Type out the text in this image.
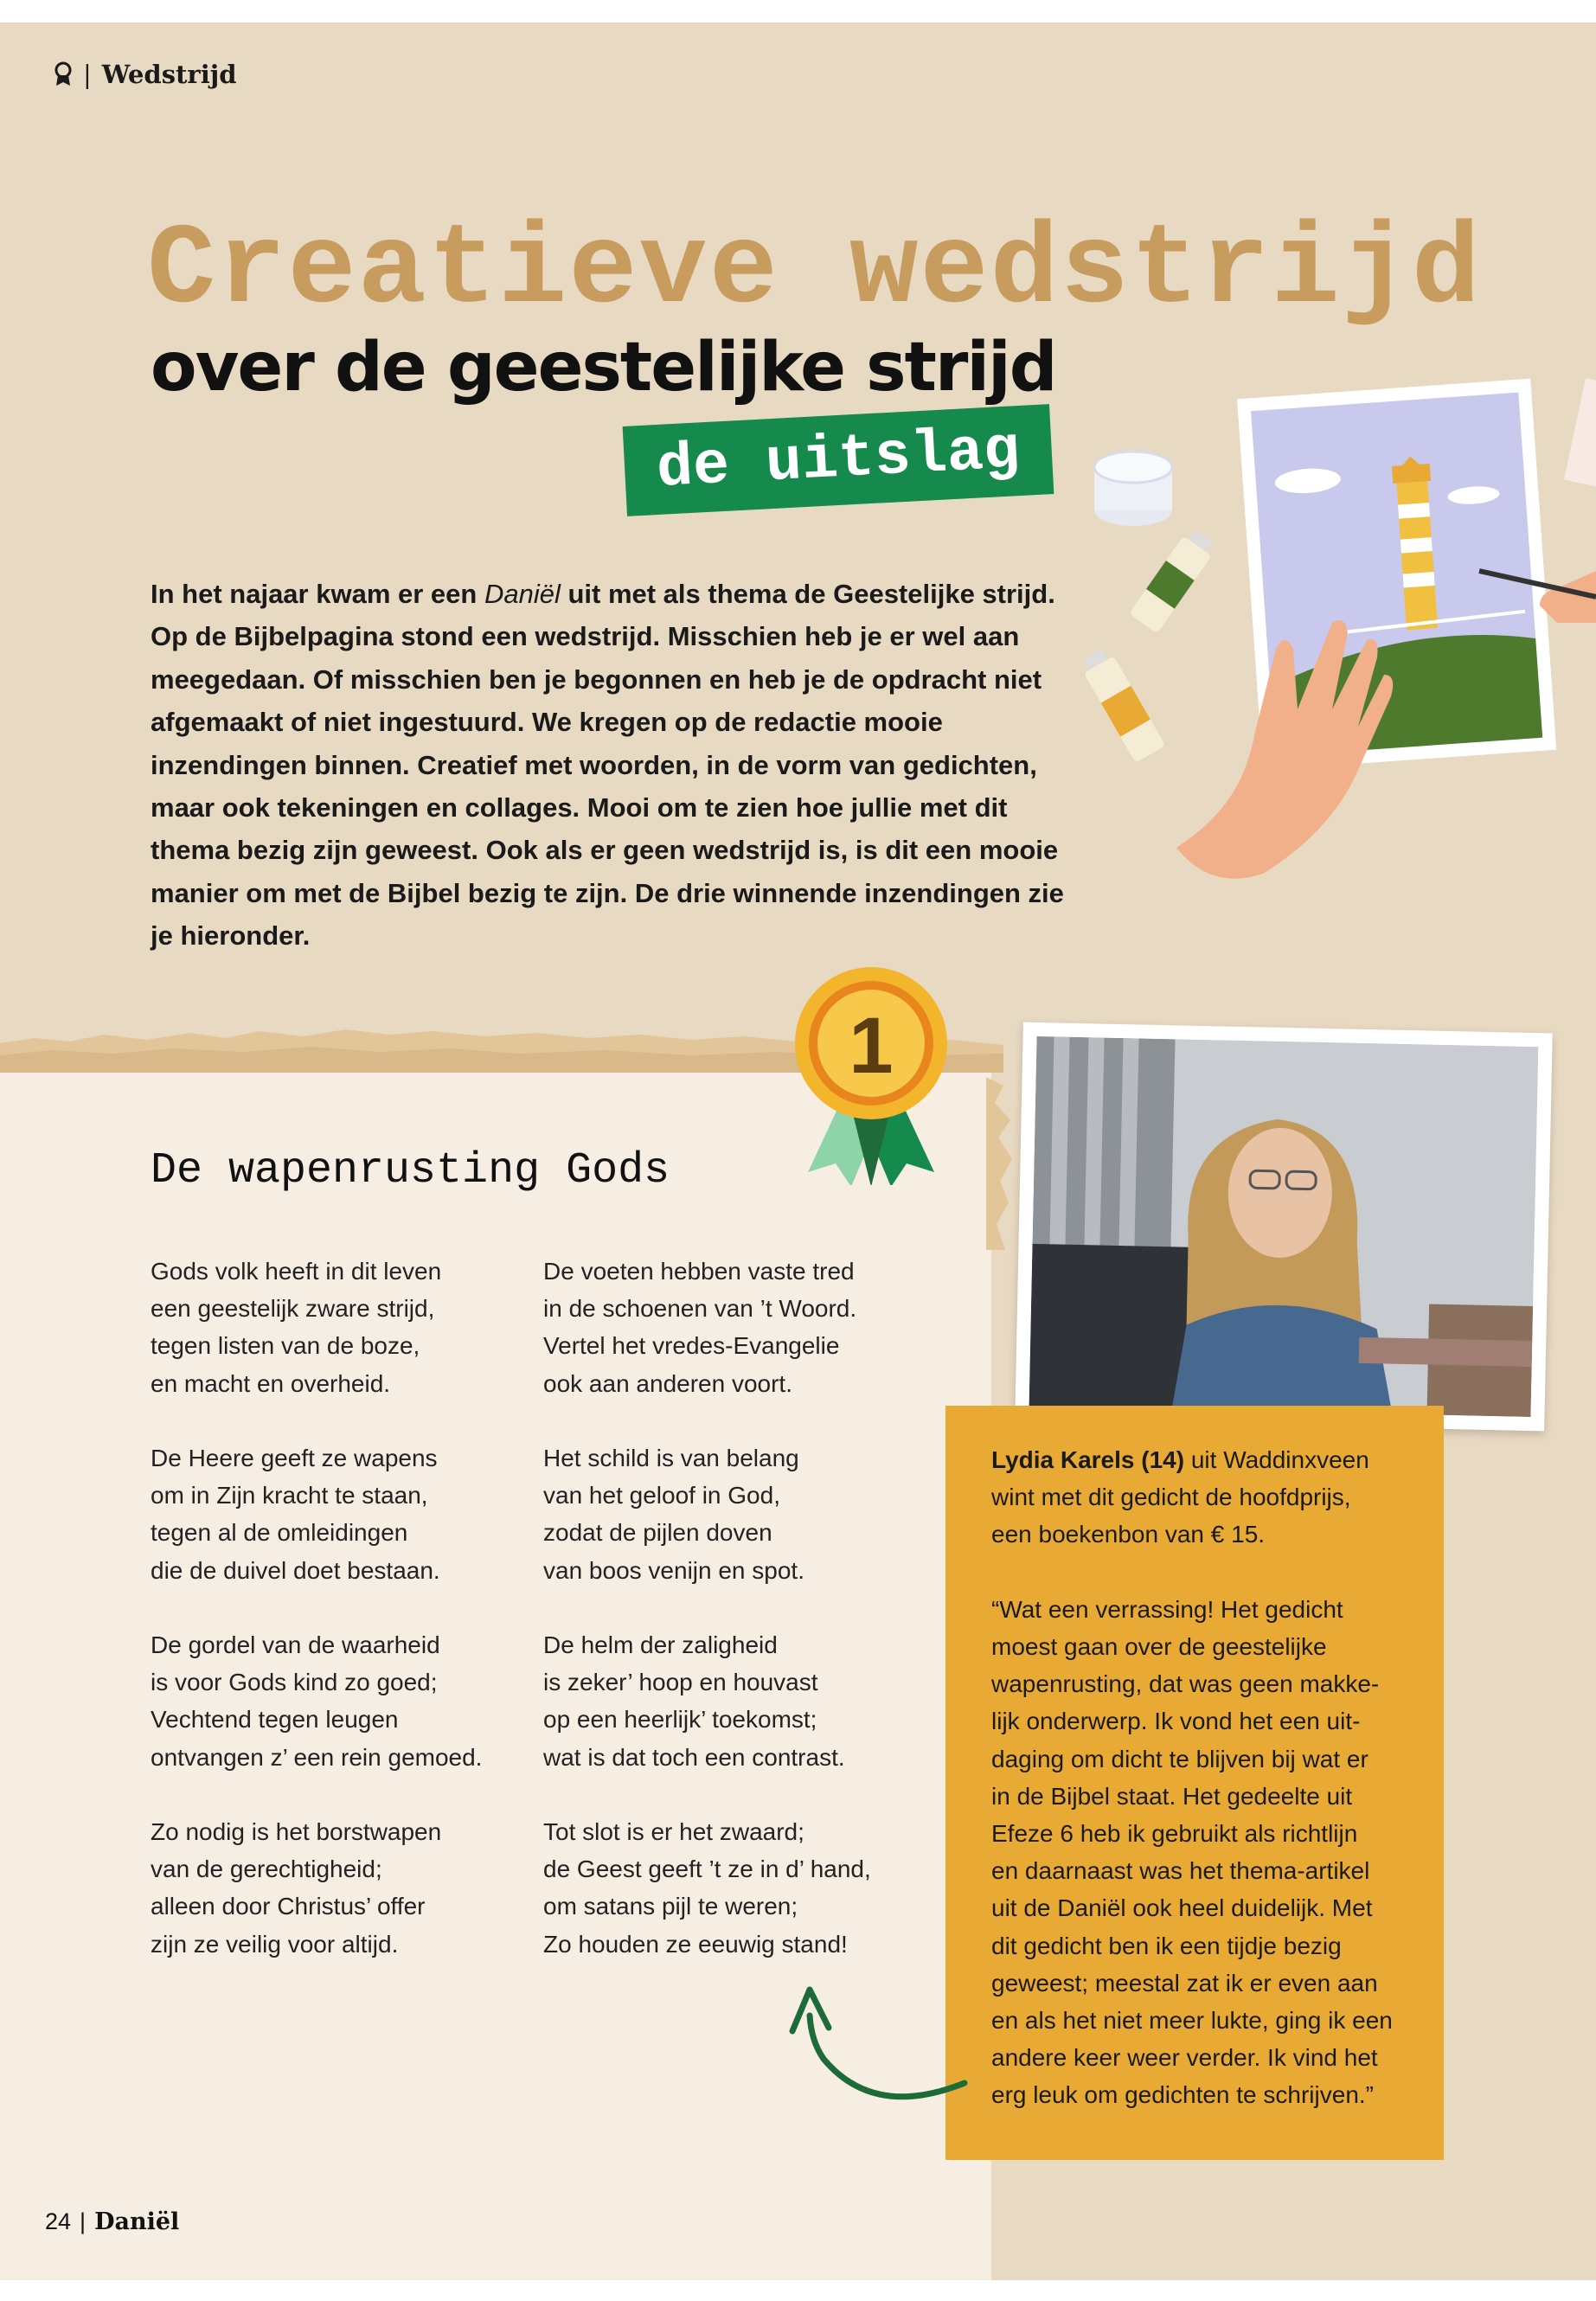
| Wedstrijd
Creatieve wedstrijd
over de geestelijke strijd
de uitslag
In het najaar kwam er een Daniël uit met als thema de Geestelijke strijd. Op de Bijbelpagina stond een wedstrijd. Misschien heb je er wel aan meegedaan. Of misschien ben je begonnen en heb je de opdracht niet afgemaakt of niet ingestuurd. We kregen op de redactie mooie inzendingen binnen. Creatief met woorden, in de vorm van gedichten, maar ook tekeningen en collages. Mooi om te zien hoe jullie met dit thema bezig zijn geweest. Ook als er geen wedstrijd is, is dit een mooie manier om met de Bijbel bezig te zijn. De drie winnende inzendingen zie je hieronder.
1
De wapenrusting Gods
Gods volk heeft in dit leven
een geestelijk zware strijd,
tegen listen van de boze,
en macht en overheid.
De Heere geeft ze wapens
om in Zijn kracht te staan,
tegen al de omleidingen
die de duivel doet bestaan.
De gordel van de waarheid
is voor Gods kind zo goed;
Vechtend tegen leugen
ontvangen z’ een rein gemoed.
Zo nodig is het borstwapen
van de gerechtigheid;
alleen door Christus’ offer
zijn ze veilig voor altijd.
De voeten hebben vaste tred
in de schoenen van ’t Woord.
Vertel het vredes-Evangelie
ook aan anderen voort.
Het schild is van belang
van het geloof in God,
zodat de pijlen doven
van boos venijn en spot.
De helm der zaligheid
is zeker’ hoop en houvast
op een heerlijk’ toekomst;
wat is dat toch een contrast.
Tot slot is er het zwaard;
de Geest geeft ’t ze in d’ hand,
om satans pijl te weren;
Zo houden ze eeuwig stand!

Lydia Karels (14) uit Waddinxveen
wint met dit gedicht de hoofdprijs,
een boekenbon van € 15.

“Wat een verrassing! Het gedicht
moest gaan over de geestelijke
wapenrusting, dat was geen makke-
lijk onderwerp. Ik vond het een uit-
daging om dicht te blijven bij wat er
in de Bijbel staat. Het gedeelte uit
Efeze 6 heb ik gebruikt als richtlijn
en daarnaast was het thema-artikel
uit de Daniël ook heel duidelijk. Met
dit gedicht ben ik een tijdje bezig
geweest; meestal zat ik er even aan
en als het niet meer lukte, ging ik een
andere keer weer verder. Ik vind het
erg leuk om gedichten te schrijven.”

24 | Daniël
